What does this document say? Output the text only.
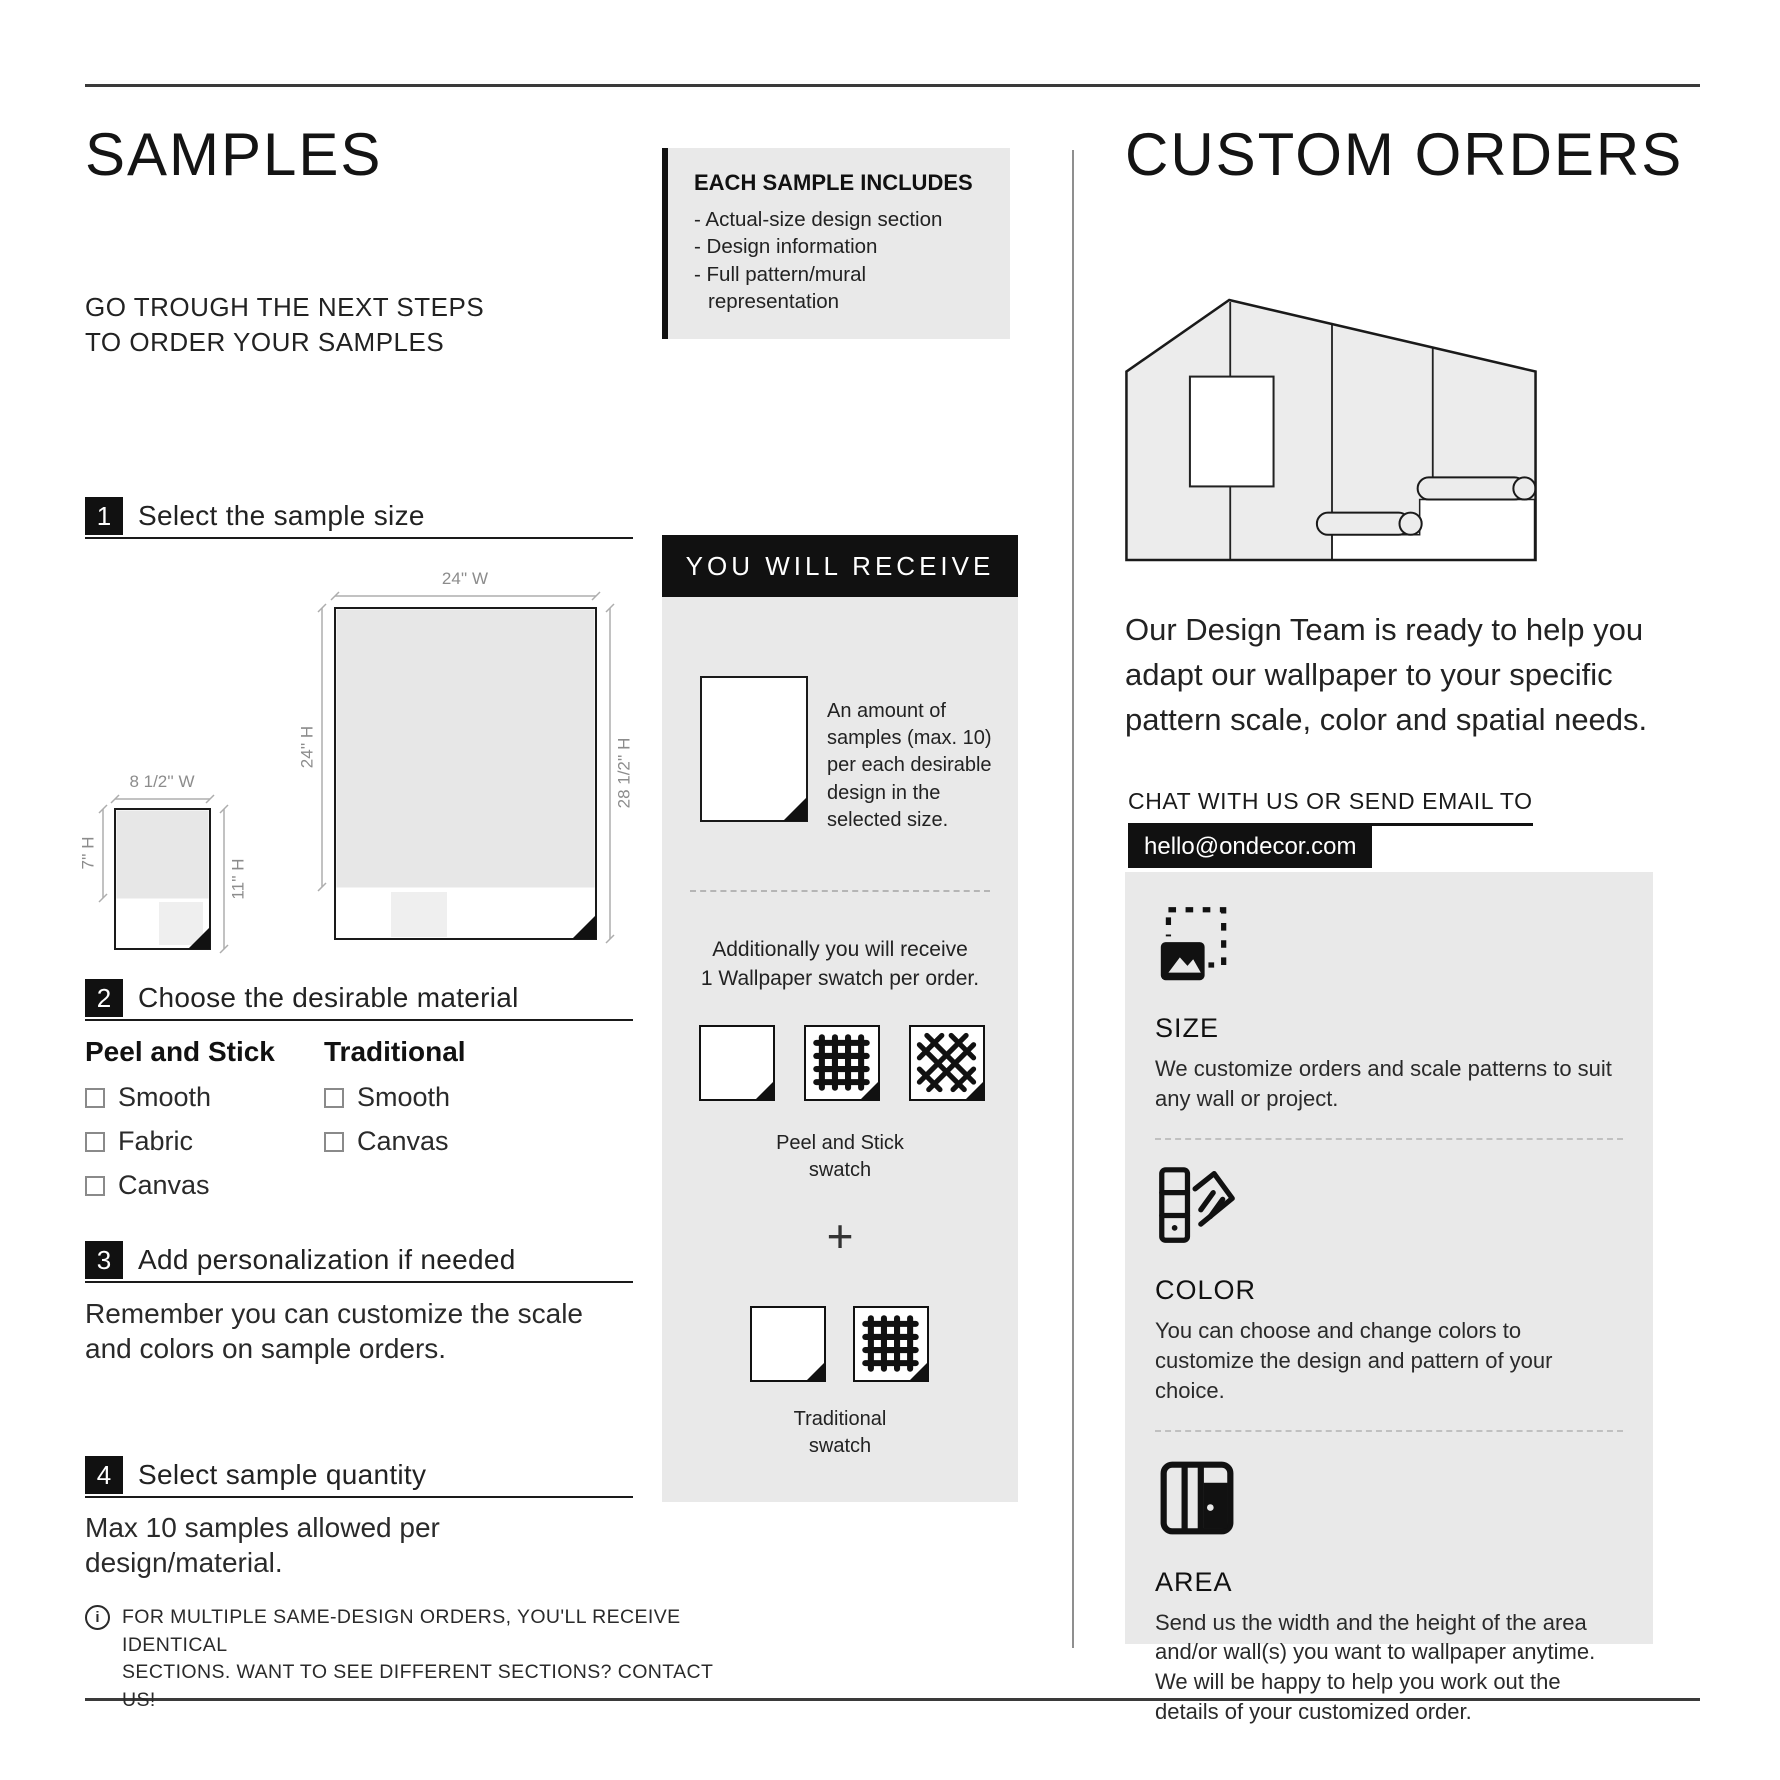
SAMPLES
GO TROUGH THE NEXT STEPS
TO ORDER YOUR SAMPLES
1 Select the sample size
8 1/2'' W
7'' H
11'' H
24'' W
24'' H	28 1/2'' H
2 Choose the desirable material
Peel and Stick
Smooth
Fabric
Canvas
Traditional
Smooth
Canvas
3 Add personalization if needed
Remember you can customize the scale and colors on sample orders.
4 Select sample quantity
Max 10 samples allowed per design/material.
i	FOR MULTIPLE SAME-DESIGN ORDERS, YOU'LL RECEIVE IDENTICAL
SECTIONS. WANT TO SEE DIFFERENT SECTIONS? CONTACT US!
EACH SAMPLE INCLUDES
- Actual-size design section
- Design information
- Full pattern/mural representation
YOU WILL RECEIVE
An amount of samples (max. 10) per each desirable design in the selected size.
Additionally you will receive
1 Wallpaper swatch per order.
Peel and Stick
swatch
+
Traditional
swatch
CUSTOM ORDERS
Our Design Team is ready to help you adapt our wallpaper to your specific pattern scale, color and spatial needs.
CHAT WITH US OR SEND EMAIL TO
hello@ondecor.com
SIZE
We customize orders and scale patterns to suit any wall or project.
COLOR
You can choose and change colors to customize the design and pattern of your choice.
AREA
Send us the width and the height of the area and/or wall(s) you want to wallpaper anytime. We will be happy to help you work out the details of your customized order.
